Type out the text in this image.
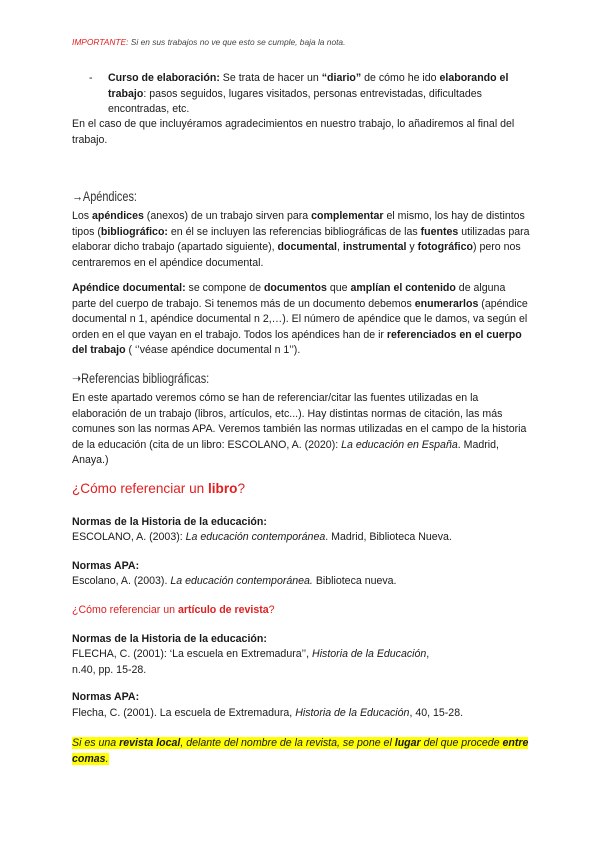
IMPORTANTE: Si en sus trabajos no ve que esto se cumple, baja la nota.
- Curso de elaboración: Se trata de hacer un “diario” de cómo he ido elaborando el trabajo: pasos seguidos, lugares visitados, personas entrevistadas, dificultades encontradas, etc.
En el caso de que incluyéramos agradecimientos en nuestro trabajo, lo añadiremos al final del trabajo.
→Apéndices:
Los apéndices (anexos) de un trabajo sirven para complementar el mismo, los hay de distintos tipos (bibliográfico: en él se incluyen las referencias bibliográficas de las fuentes utilizadas para elaborar dicho trabajo (apartado siguiente), documental, instrumental y fotográfico) pero nos centraremos en el apéndice documental.
Apéndice documental: se compone de documentos que amplían el contenido de alguna parte del cuerpo de trabajo. Si tenemos más de un documento debemos enumerarlos (apéndice documental n 1, apéndice documental n 2,…). El número de apéndice que le damos, va según el orden en el que vayan en el trabajo. Todos los apéndices han de ir referenciados en el cuerpo del trabajo ( ‘’véase apéndice documental n 1’’).
➝Referencias bibliográficas:
En este apartado veremos cómo se han de referenciar/citar las fuentes utilizadas en la elaboración de un trabajo (libros, artículos, etc...). Hay distintas normas de citación, las más comunes son las normas APA. Veremos también las normas utilizadas en el campo de la historia de la educación (cita de un libro: ESCOLANO, A. (2020): La educación en España. Madrid, Anaya.)
¿Cómo referenciar un libro?
Normas de la Historia de la educación:
ESCOLANO, A. (2003): La educación contemporánea. Madrid, Biblioteca Nueva.
Normas APA:
Escolano, A. (2003). La educación contemporánea. Biblioteca nueva.
¿Cómo referenciar un artículo de revista?
Normas de la Historia de la educación:
FLECHA, C. (2001): ‘La escuela en Extremadura’’, Historia de la Educación, n.40, pp. 15-28.
Normas APA:
Flecha, C. (2001). La escuela de Extremadura, Historia de la Educación, 40, 15-28.
Si es una revista local, delante del nombre de la revista, se pone el lugar del que procede entre comas.
